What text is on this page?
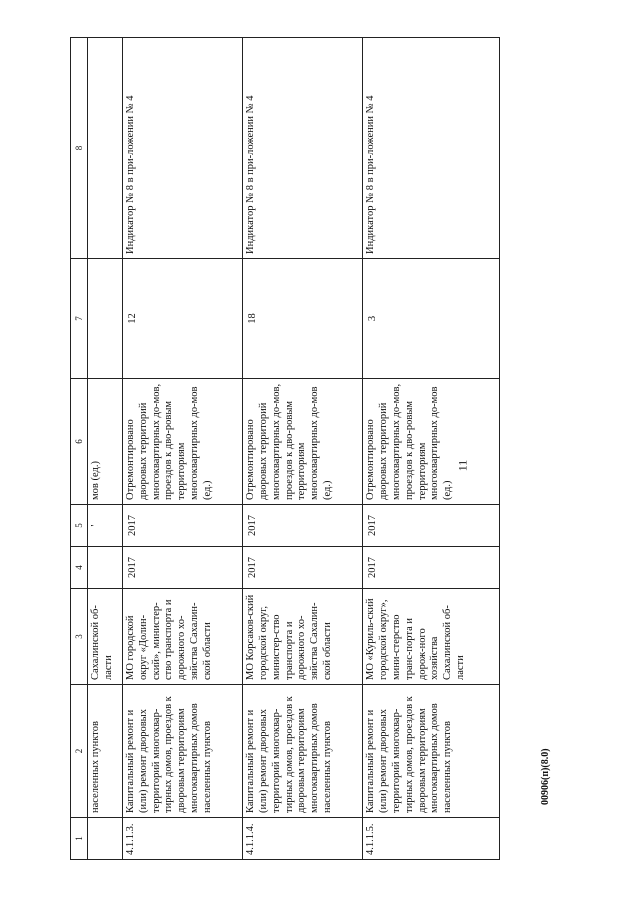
11
1	2	3	4	5	6	7	8
	населенных пунктов	Сахалинской об-ласти		'	мов (ед.)		
4.1.1.3.	Капитальный ремонт и (или) ремонт дворовых территорий многоквар-тирных домов, проездов к дворовым территориям многоквартирных домов населенных пунктов	МО городской округ «Долин-ский», министер-ство транспорта и дорожного хо-зяйства Сахалин-ской области	2017	2017	Отремонтировано дворовых территорий многоквартирных до-мов, проездов к дво-ровым территориям многоквартирных до-мов (ед.)	12	Индикатор № 8 в при-ложении № 4
4.1.1.4.	Капитальный ремонт и (или) ремонт дворовых территорий многоквар-тирных домов, проездов к дворовым территориям многоквартирных домов населенных пунктов	МО Корсаков-ский городской округ, министер-ство транспорта и дорожного хо-зяйства Сахалин-ской области	2017	2017	Отремонтировано дворовых территорий многоквартирных до-мов, проездов к дво-ровым территориям многоквартирных до-мов (ед.)	18	Индикатор № 8 в при-ложении № 4
4.1.1.5.	Капитальный ремонт и (или) ремонт дворовых территорий многоквар-тирных домов, проездов к дворовым территориям многоквартирных домов населенных пунктов	МО «Куриль-ский городской округ», мини-стерство транс-порта и дорож-ного хозяйства Сахалинской об-ласти	2017	2017	Отремонтировано дворовых территорий многоквартирных до-мов, проездов к дво-ровым территориям многоквартирных до-мов (ед.)	3	Индикатор № 8 в при-ложении № 4
00906(п)(8.0)
